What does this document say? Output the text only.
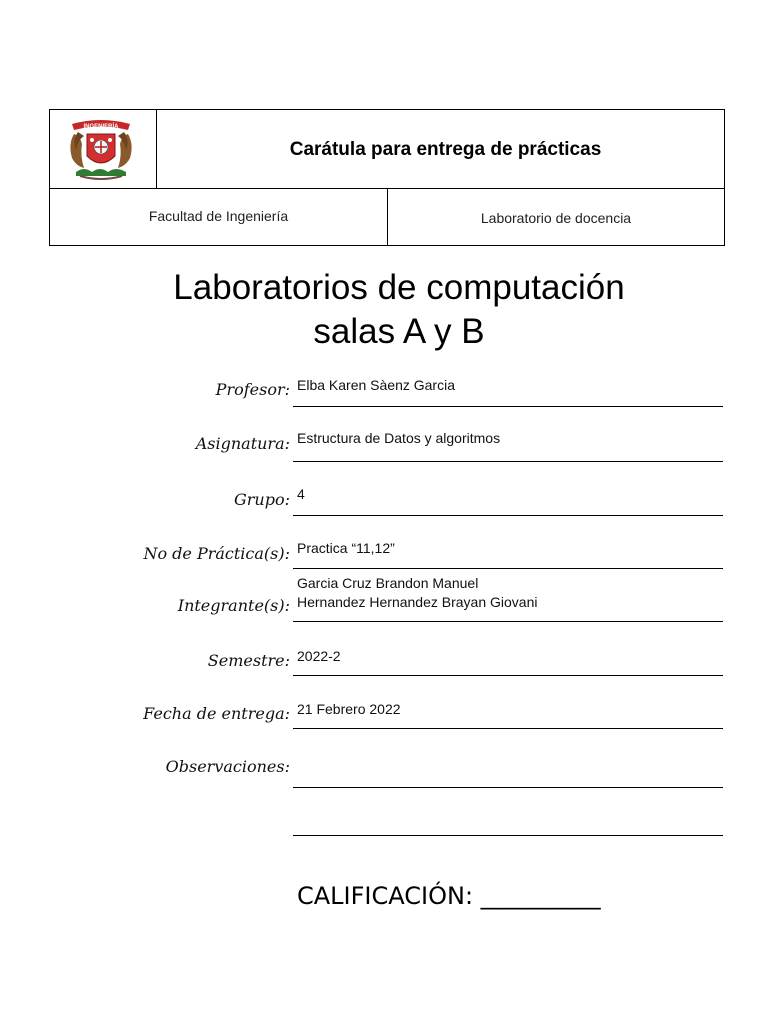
INGENIERÍA
Carátula para entrega de prácticas
Facultad de Ingeniería	Laboratorio de docencia
Laboratorios de computación
salas A y B
Profesor: Elba Karen Sàenz Garcia
Asignatura: Estructura de Datos y algoritmos
Grupo: 4
No de Práctica(s): Practica “11,12”
Integrante(s):
Garcia Cruz Brandon Manuel
Hernandez Hernandez Brayan Giovani
Semestre: 2022-2
Fecha de entrega: 21 Febrero 2022
Observaciones:
CALIFICACIÓN: __________
